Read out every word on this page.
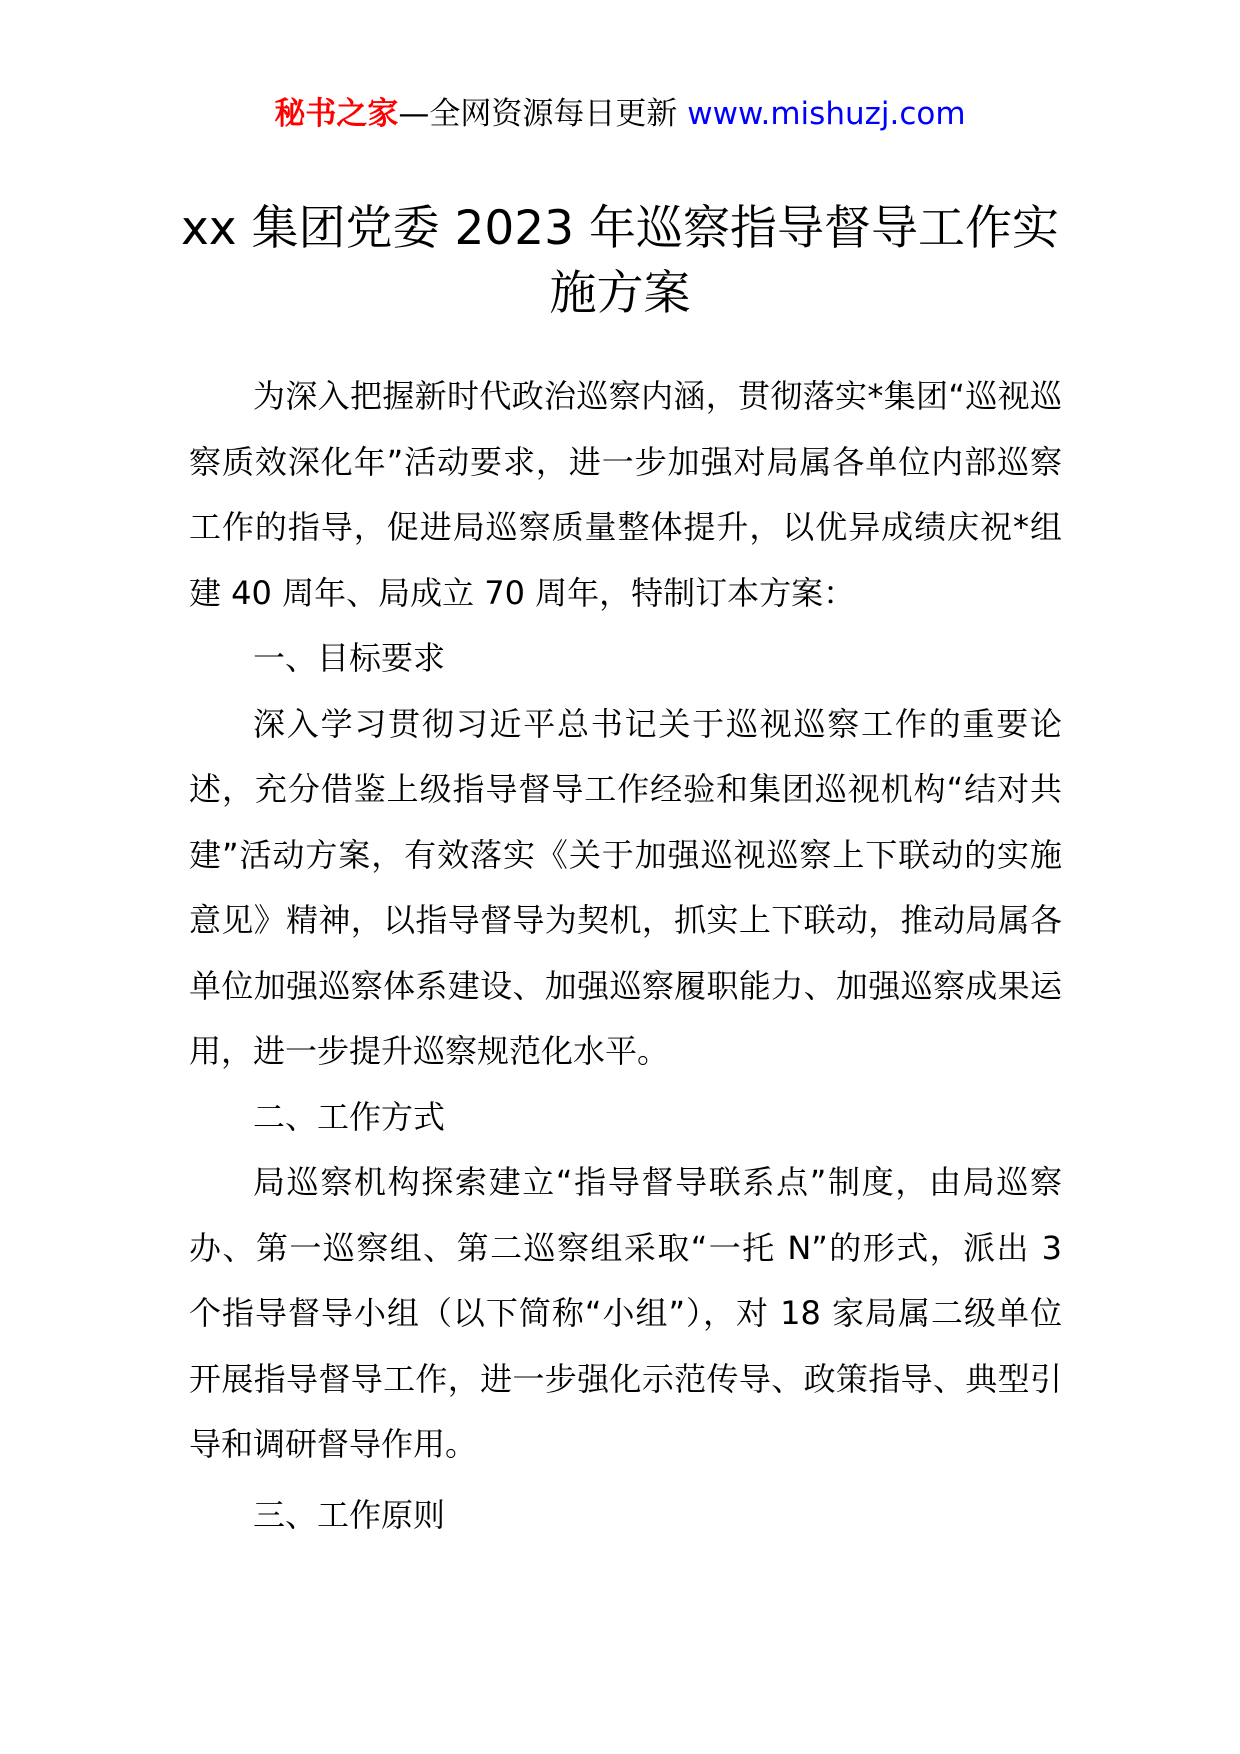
秘书之家—全网资源每日更新 www.mishuzj.com
xx 集团党委 2023 年巡察指导督导工作实施方案

为深入把握新时代政治巡察内涵，贯彻落实*集团“巡视巡察质效深化年”活动要求，进一步加强对局属各单位内部巡察工作的指导，促进局巡察质量整体提升，以优异成绩庆祝*组建 40 周年、局成立 70 周年，特制订本方案：

一、目标要求

深入学习贯彻习近平总书记关于巡视巡察工作的重要论述，充分借鉴上级指导督导工作经验和集团巡视机构“结对共建”活动方案，有效落实《关于加强巡视巡察上下联动的实施意见》精神，以指导督导为契机，抓实上下联动，推动局属各单位加强巡察体系建设、加强巡察履职能力、加强巡察成果运用，进一步提升巡察规范化水平。

二、工作方式

局巡察机构探索建立“指导督导联系点”制度，由局巡察办、第一巡察组、第二巡察组采取“一托 N”的形式，派出 3 个指导督导小组（以下简称“小组”），对 18 家局属二级单位开展指导督导工作，进一步强化示范传导、政策指导、典型引导和调研督导作用。

三、工作原则
